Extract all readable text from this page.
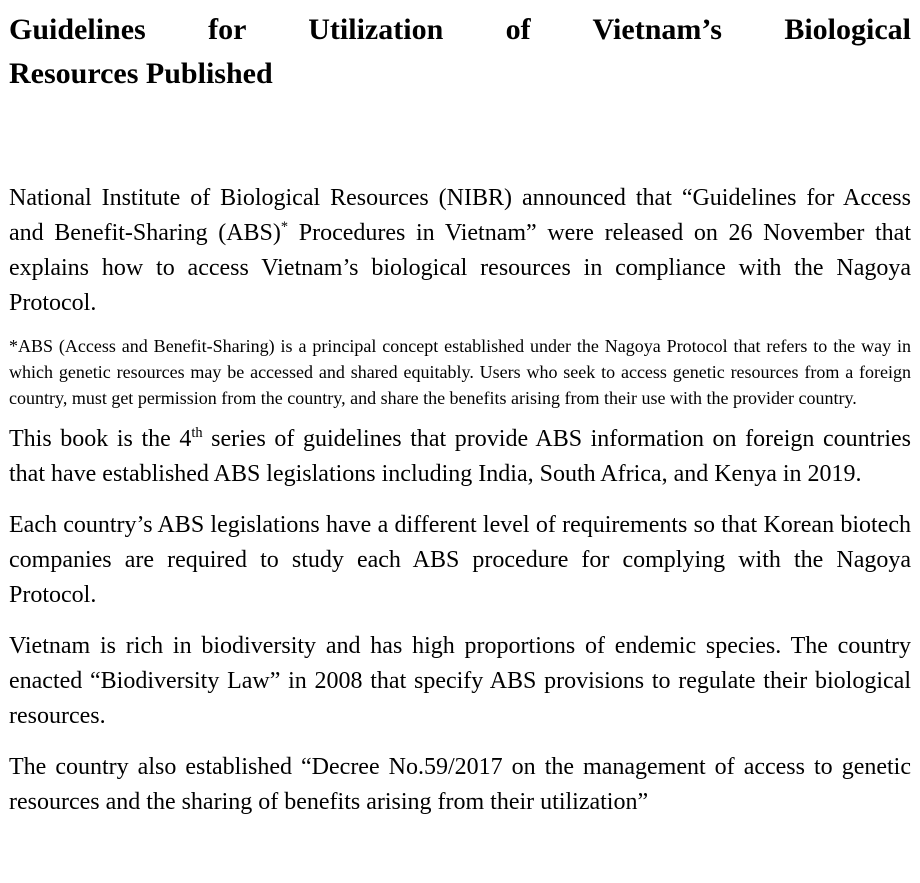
Guidelines for Utilization of Vietnam’s Biological
Resources Published

National Institute of Biological Resources (NIBR) announced that “Guidelines for Access and Benefit-Sharing (ABS)* Procedures in Vietnam” were released on 26 November that explains how to access Vietnam’s biological resources in compliance with the Nagoya Protocol.

*ABS (Access and Benefit-Sharing) is a principal concept established under the Nagoya Protocol that refers to the way in which genetic resources may be accessed and shared equitably. Users who seek to access genetic resources from a foreign country, must get permission from the country, and share the benefits arising from their use with the provider country.

This book is the 4th series of guidelines that provide ABS information on foreign countries that have established ABS legislations including India, South Africa, and Kenya in 2019.

Each country’s ABS legislations have a different level of requirements so that Korean biotech companies are required to study each ABS procedure for complying with the Nagoya Protocol.

Vietnam is rich in biodiversity and has high proportions of endemic species. The country enacted “Biodiversity Law” in 2008 that specify ABS provisions to regulate their biological resources.

The country also established “Decree No.59/2017 on the management of access to genetic resources and the sharing of benefits arising from their utilization”
